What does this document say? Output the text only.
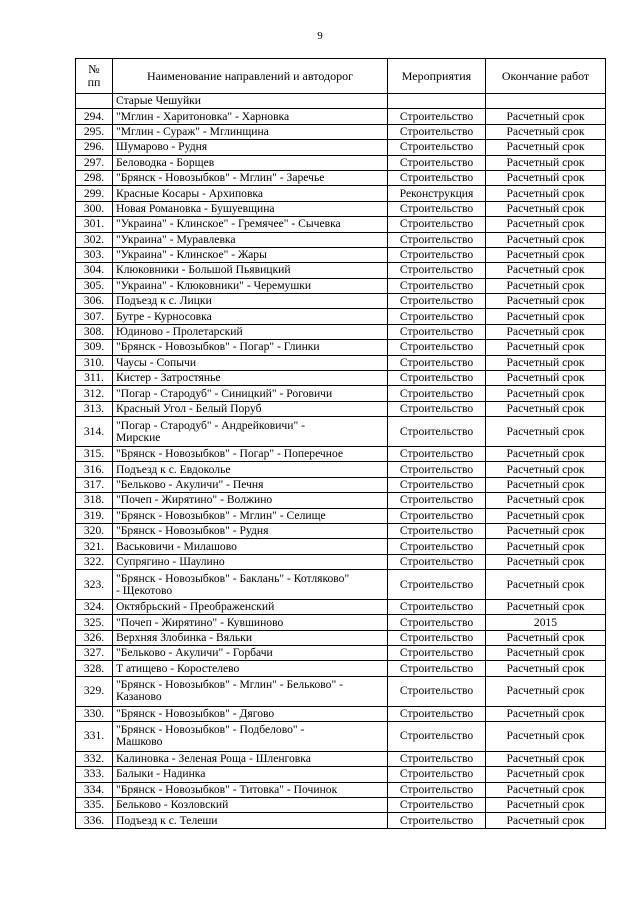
9
№
пп	Наименование направлений и автодорог	Мероприятия	Окончание работ
	Старые Чешуйки		
294.	"Мглин - Харитоновка" - Харновка	Строительство	Расчетный срок
295.	"Мглин - Сураж" - Мглинщина	Строительство	Расчетный срок
296.	Шумарово - Рудня	Строительство	Расчетный срок
297.	Беловодка - Борщев	Строительство	Расчетный срок
298.	"Брянск - Новозыбков" - Мглин" - Заречье	Строительство	Расчетный срок
299.	Красные Косары - Архиповка	Реконструкция	Расчетный срок
300.	Новая Романовка - Бушуевщина	Строительство	Расчетный срок
301.	"Украина" - Клинское" - Гремячее" - Сычевка	Строительство	Расчетный срок
302.	"Украина" - Муравлевка	Строительство	Расчетный срок
303.	"Украина" - Клинское" - Жары	Строительство	Расчетный срок
304.	Клюковники - Большой Пьявицкий	Строительство	Расчетный срок
305.	"Украина" - Клюковники" - Черемушки	Строительство	Расчетный срок
306.	Подъезд к с. Лицки	Строительство	Расчетный срок
307.	Бутре - Курносовка	Строительство	Расчетный срок
308.	Юдиново - Пролетарский	Строительство	Расчетный срок
309.	"Брянск - Новозыбков" - Погар" - Глинки	Строительство	Расчетный срок
310.	Чаусы - Сопычи	Строительство	Расчетный срок
311.	Кистер - Затростянье	Строительство	Расчетный срок
312.	"Погар - Стародуб" - Синицкий" - Роговичи	Строительство	Расчетный срок
313.	Красный Угол - Белый Поруб	Строительство	Расчетный срок
314.	"Погар - Стародуб" - Андрейковичи" -
Мирские	Строительство	Расчетный срок
315.	"Брянск - Новозыбков" - Погар" - Поперечное	Строительство	Расчетный срок
316.	Подъезд к с. Евдоколье	Строительство	Расчетный срок
317.	"Бельково - Акуличи" - Печня	Строительство	Расчетный срок
318.	"Почеп - Жирятино" - Волжино	Строительство	Расчетный срок
319.	"Брянск - Новозыбков" - Мглин" - Селище	Строительство	Расчетный срок
320.	"Брянск - Новозыбков" - Рудня	Строительство	Расчетный срок
321.	Васьковичи - Милашово	Строительство	Расчетный срок
322.	Супрягино - Шаулино	Строительство	Расчетный срок
323.	"Брянск - Новозыбков" - Баклань" - Котляково"
- Щекотово	Строительство	Расчетный срок
324.	Октябрьский - Преображенский	Строительство	Расчетный срок
325.	"Почеп - Жирятино" - Кувшиново	Строительство	2015
326.	Верхняя Злобинка - Вяльки	Строительство	Расчетный срок
327.	"Бельково - Акуличи" - Горбачи	Строительство	Расчетный срок
328.	Т атищево - Коростелево	Строительство	Расчетный срок
329.	"Брянск - Новозыбков" - Мглин" - Бельково" -
Казаново	Строительство	Расчетный срок
330.	"Брянск - Новозыбков" - Дягово	Строительство	Расчетный срок
331.	"Брянск - Новозыбков" - Подбелово" -
Машково	Строительство	Расчетный срок
332.	Калиновка - Зеленая Роща - Шленговка	Строительство	Расчетный срок
333.	Балыки - Надинка	Строительство	Расчетный срок
334.	"Брянск - Новозыбков" - Титовка" - Починок	Строительство	Расчетный срок
335.	Бельково - Козловский	Строительство	Расчетный срок
336.	Подъезд к с. Телеши	Строительство	Расчетный срок
